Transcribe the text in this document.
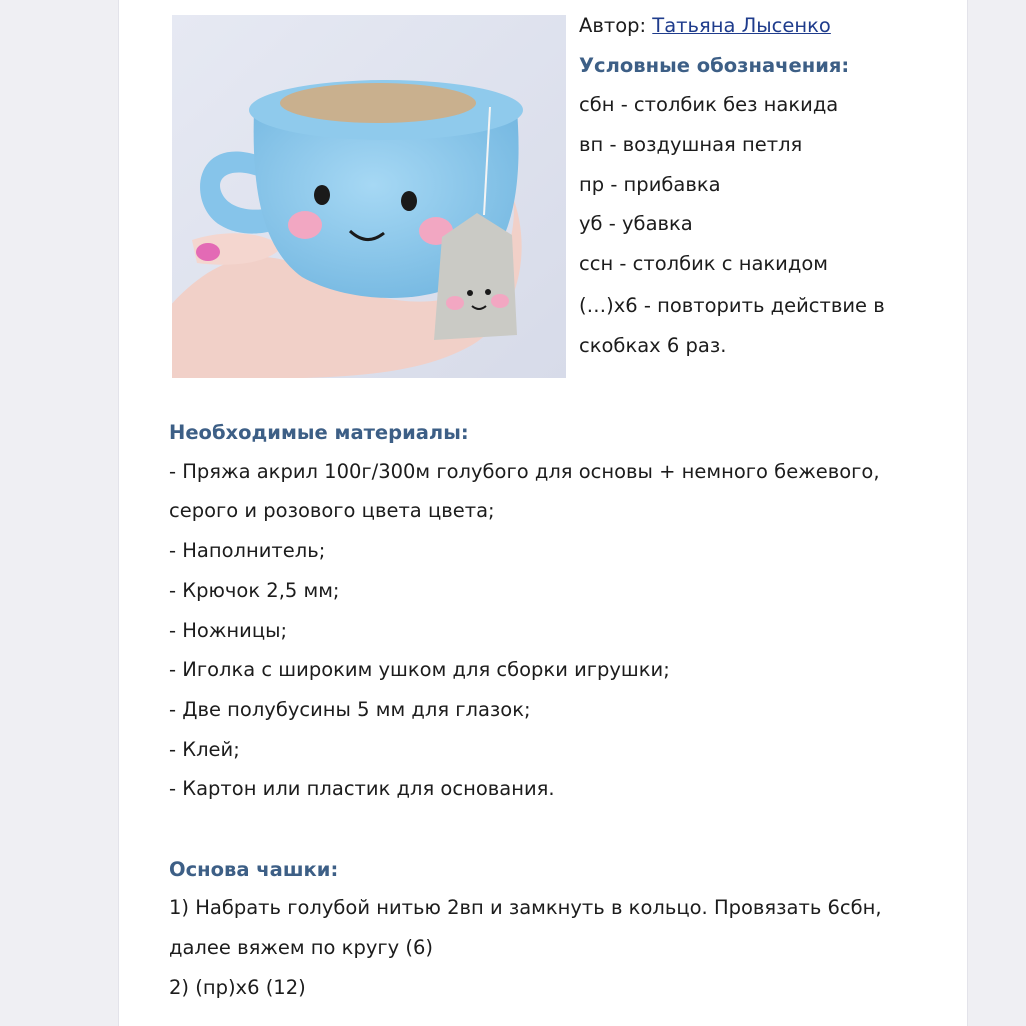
Автор: Татьяна Лысенко
Условные обозначения:
сбн - столбик без накида
вп - воздушная петля
пр - прибавка
уб - убавка
ссн - столбик с накидом
(…)х6 - повторить действие в скобках 6 раз.
Необходимые материалы:
- Пряжа акрил 100г/300м голубого для основы + немного бежевого, серого и розового цвета цвета;
- Наполнитель;
- Крючок 2,5 мм;
- Ножницы;
- Иголка с широким ушком для сборки игрушки;
- Две полубусины 5 мм для глазок;
- Клей;
- Картон или пластик для основания.
Основа чашки:
1) Набрать голубой нитью 2вп и замкнуть в кольцо. Провязать 6сбн, далее вяжем по кругу (6)
2) (пр)х6 (12)
